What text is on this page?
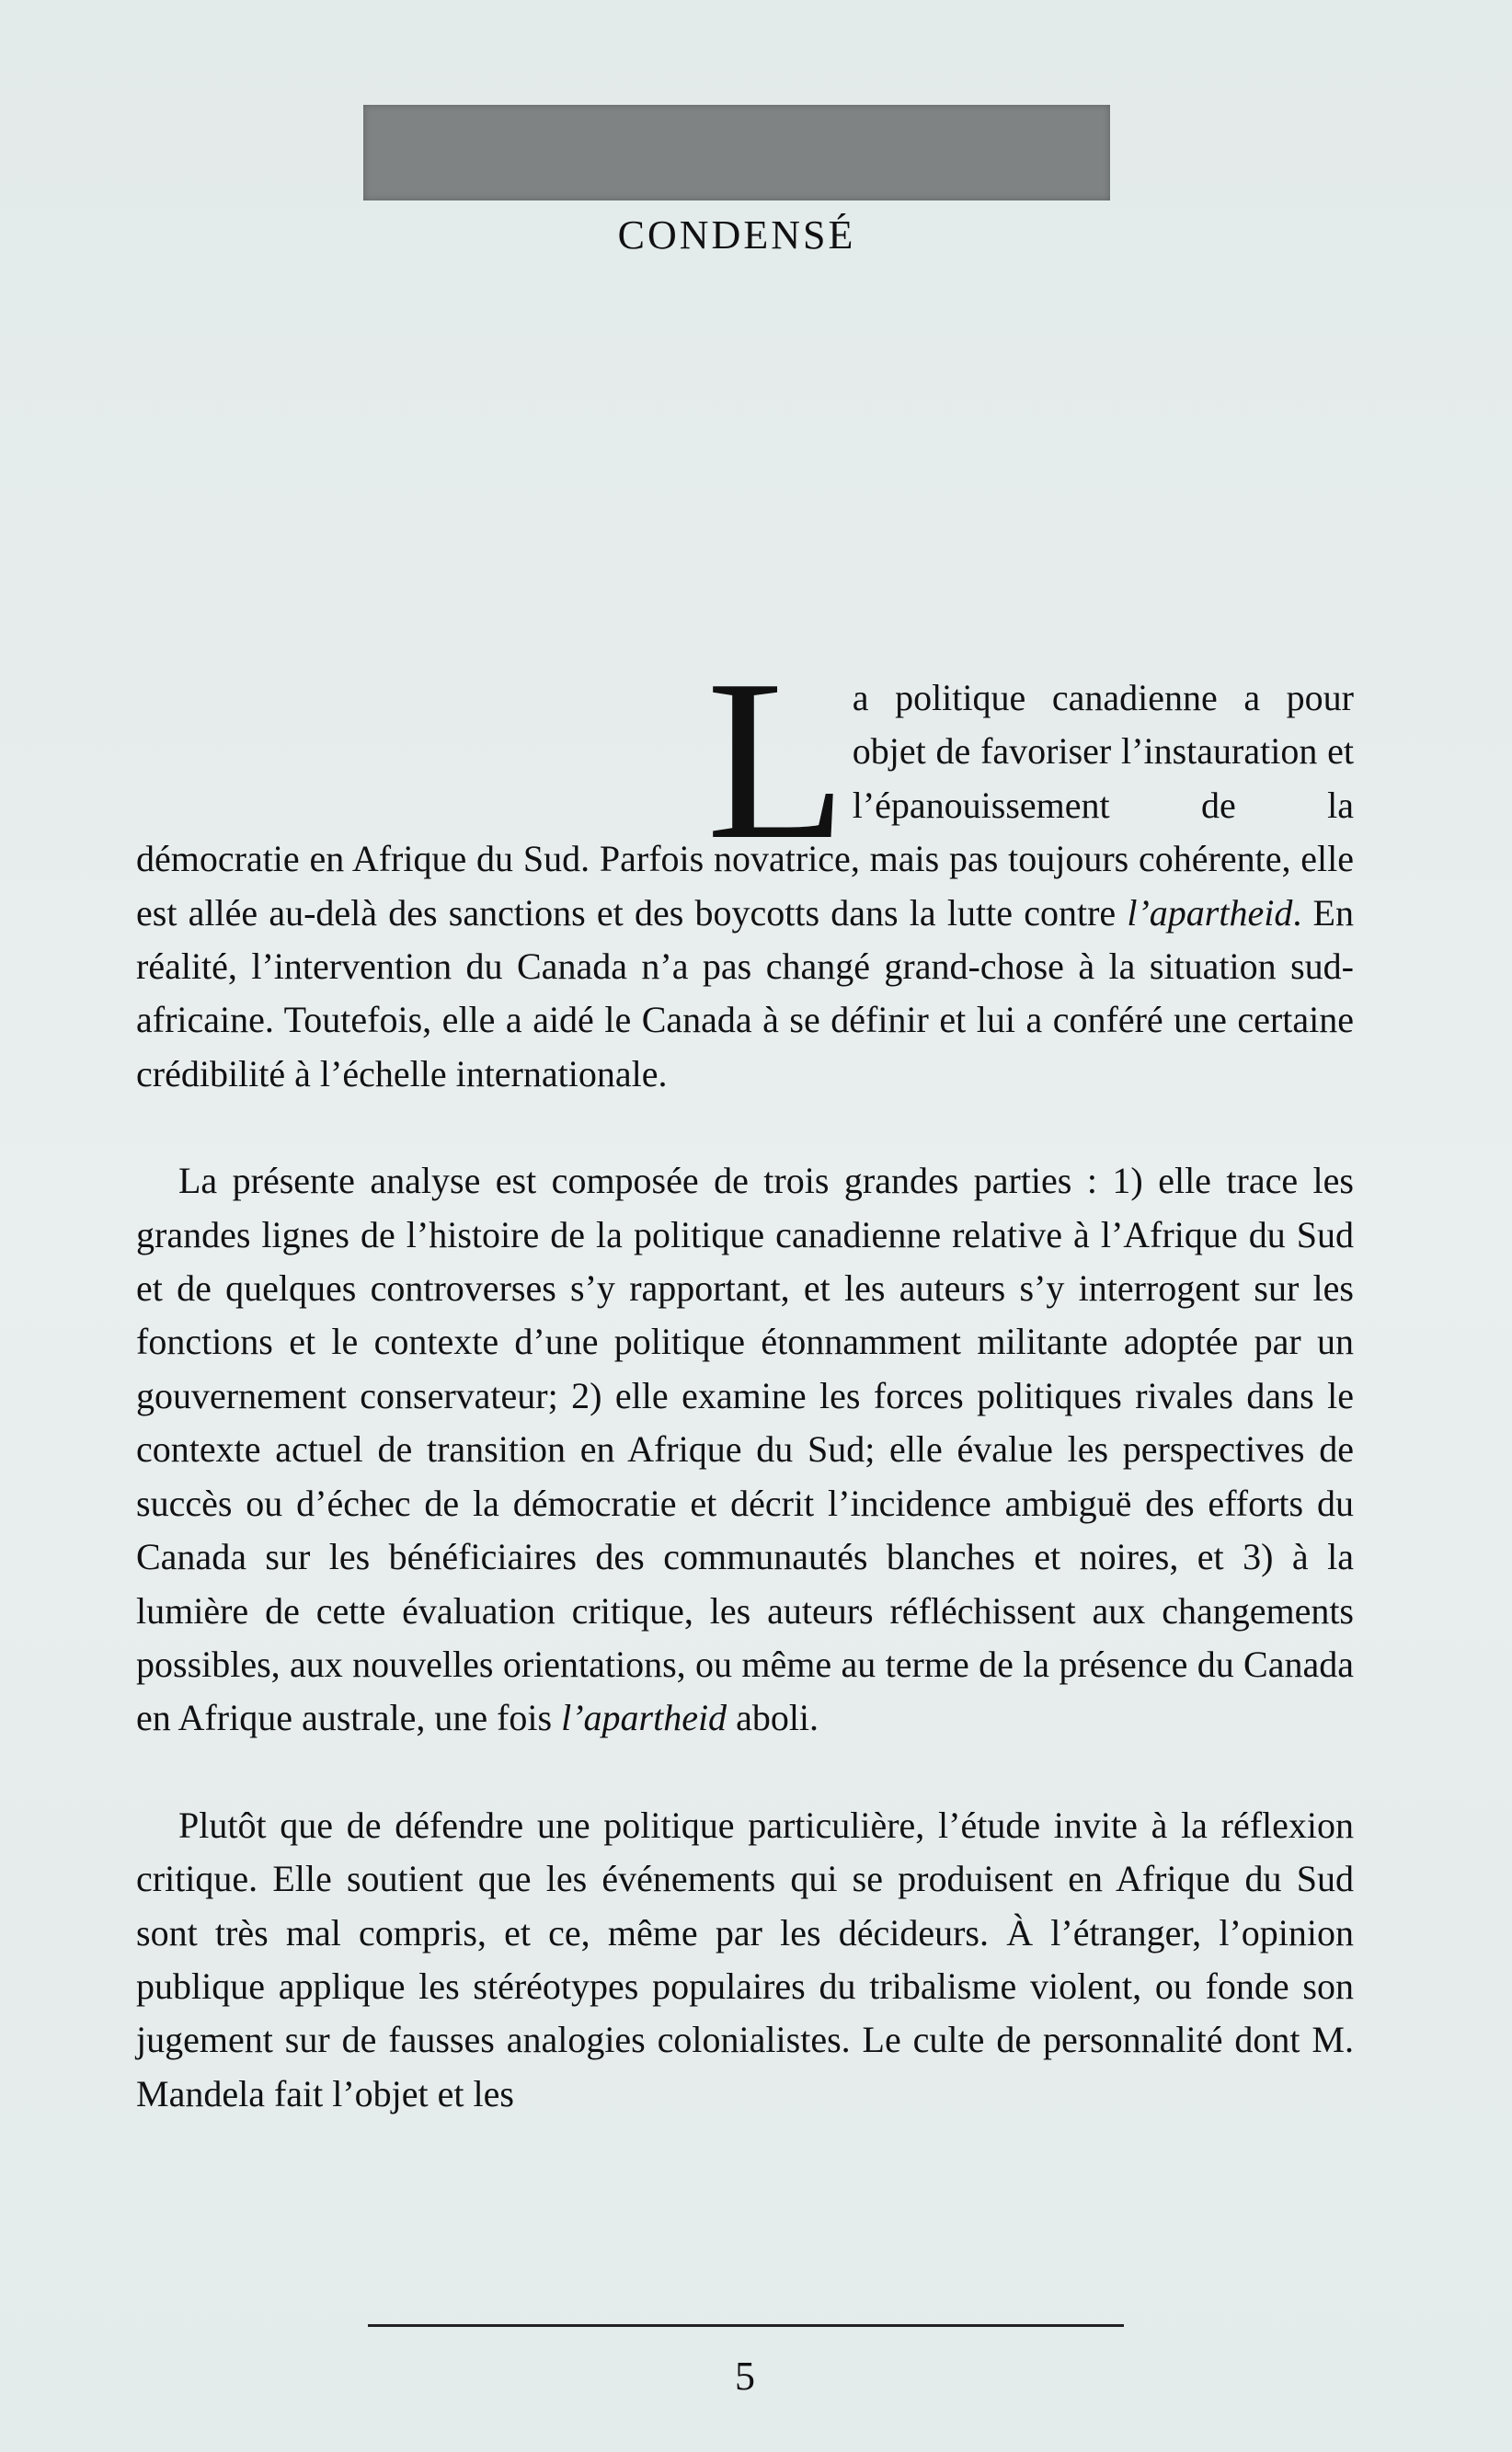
CONDENSÉ

La politique canadienne a pour objet de favoriser l’instauration et l’épanouissement de la démocratie en Afrique du Sud. Parfois novatrice, mais pas toujours cohérente, elle est allée au-delà des sanctions et des boycotts dans la lutte contre l’apartheid. En réalité, l’intervention du Canada n’a pas changé grand-chose à la situation sud-africaine. Toutefois, elle a aidé le Canada à se définir et lui a conféré une certaine crédibilité à l’échelle internationale.

La présente analyse est composée de trois grandes parties : 1) elle trace les grandes lignes de l’histoire de la politique canadienne relative à l’Afrique du Sud et de quelques controverses s’y rapportant, et les auteurs s’y interrogent sur les fonctions et le contexte d’une politique étonnamment militante adoptée par un gouvernement conservateur; 2) elle examine les forces politiques rivales dans le contexte actuel de transition en Afrique du Sud; elle évalue les perspectives de succès ou d’échec de la démocratie et décrit l’incidence ambiguë des efforts du Canada sur les bénéficiaires des communautés blanches et noires, et 3) à la lumière de cette évaluation critique, les auteurs réfléchissent aux changements possibles, aux nouvelles orientations, ou même au terme de la présence du Canada en Afrique australe, une fois l’apartheid aboli.

Plutôt que de défendre une politique particulière, l’étude invite à la réflexion critique. Elle soutient que les événements qui se produisent en Afrique du Sud sont très mal compris, et ce, même par les décideurs. À l’étranger, l’opinion publique applique les stéréotypes populaires du tribalisme violent, ou fonde son jugement sur de fausses analogies colonialistes. Le culte de personnalité dont M. Mandela fait l’objet et les

5
